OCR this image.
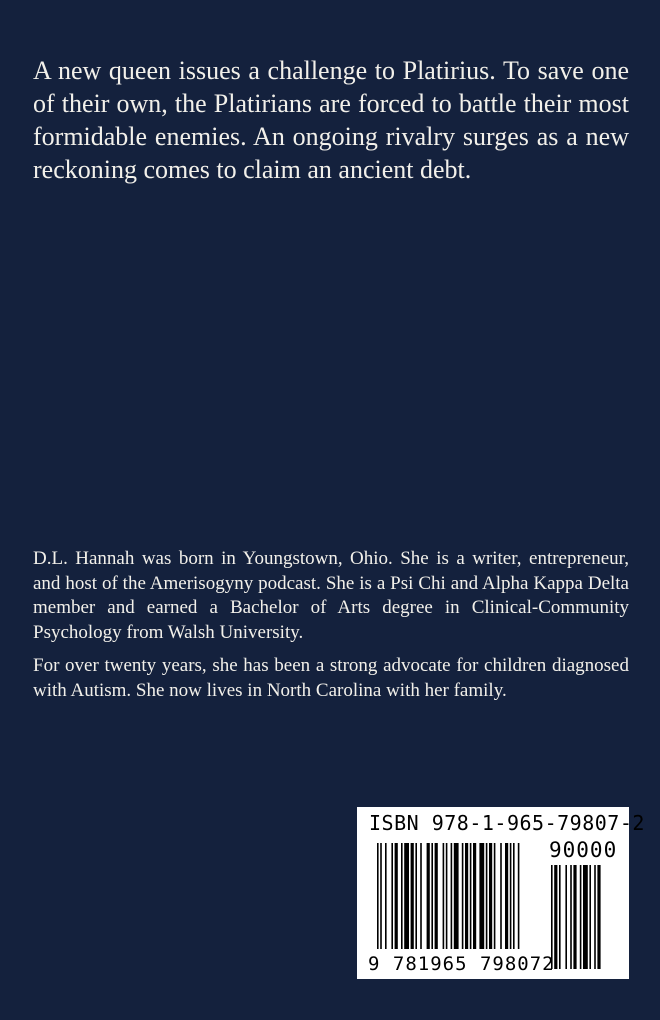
A new queen issues a challenge to Platirius. To save one of their own, the Platirians are forced to battle their most formidable enemies. An ongoing rivalry surges as a new reckoning comes to claim an ancient debt.

D.L. Hannah was born in Youngstown, Ohio. She is a writer, entrepreneur, and host of the Amerisogyny podcast. She is a Psi Chi and Alpha Kappa Delta member and earned a Bachelor of Arts degree in Clinical-Community Psychology from Walsh University.

For over twenty years, she has been a strong advocate for children diagnosed with Autism. She now lives in North Carolina with her family.

ISBN 978-1-965-79807-2
90000
9 781965 798072
